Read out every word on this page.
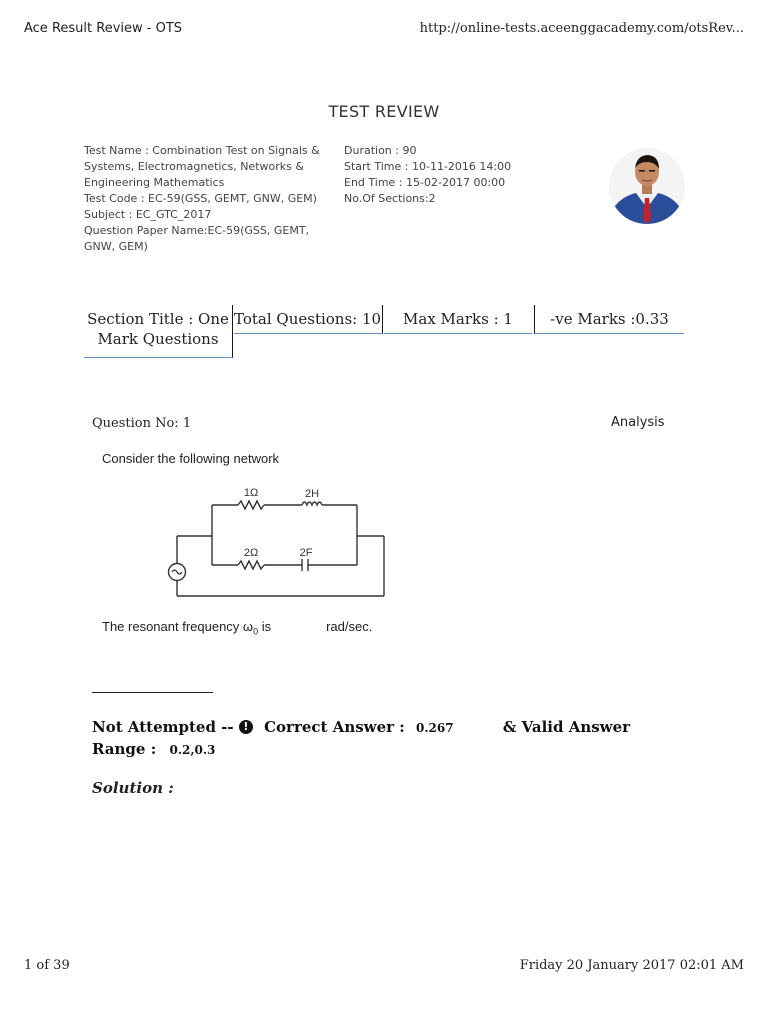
Ace Result Review - OTS	http://online-tests.aceenggacademy.com/otsRev...
TEST REVIEW
Test Name : Combination Test on Signals & Systems, Electromagnetics, Networks & Engineering Mathematics
Test Code : EC-59(GSS, GEMT, GNW, GEM)
Subject : EC_GTC_2017
Question Paper Name:EC-59(GSS, GEMT, GNW, GEM)
Duration : 90
Start Time : 10-11-2016 14:00
End Time : 15-02-2017 00:00
No.Of Sections:2
Section Title : One Mark Questions
Total Questions: 10	Max Marks : 1	-ve Marks :0.33
Question No: 1	Analysis
Consider the following network
1Ω	2H
2Ω	2F
The resonant frequency $\omega_0$ is	rad/sec.
Not Attempted -- ! Correct Answer : 0.267	& Valid Answer
Range : 0.2,0.3
Solution :
1 of 39	Friday 20 January 2017 02:01 AM
